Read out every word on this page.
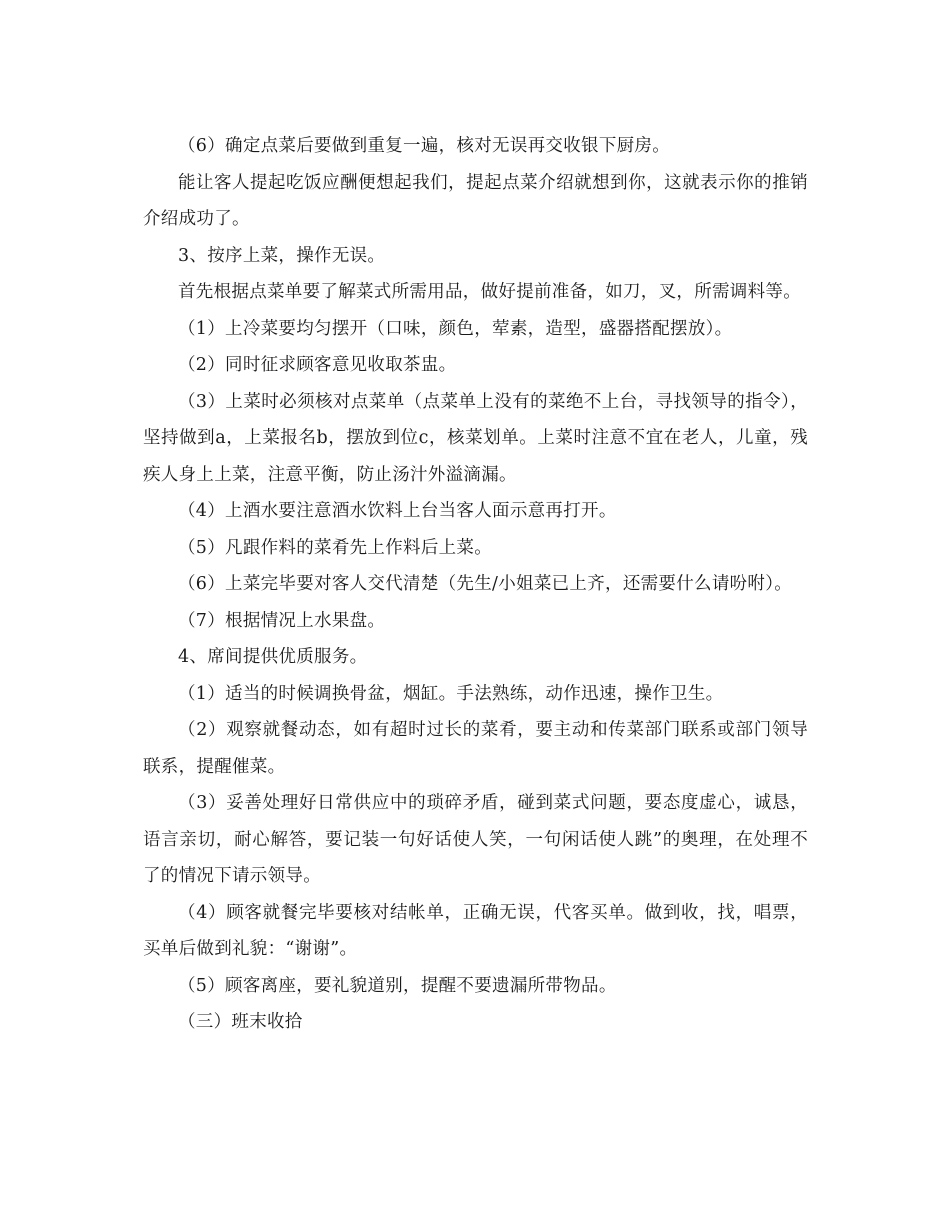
（6）确定点菜后要做到重复一遍，核对无误再交收银下厨房。

能让客人提起吃饭应酬便想起我们，提起点菜介绍就想到你，这就表示你的推销介绍成功了。

3、按序上菜，操作无误。

首先根据点菜单要了解菜式所需用品，做好提前准备，如刀，叉，所需调料等。

（1）上冷菜要均匀摆开（口味，颜色，荤素，造型，盛器搭配摆放）。

（2）同时征求顾客意见收取茶盅。

（3）上菜时必须核对点菜单（点菜单上没有的菜绝不上台，寻找领导的指令），坚持做到a，上菜报名b，摆放到位c，核菜划单。上菜时注意不宜在老人，儿童，残疾人身上上菜，注意平衡，防止汤汁外溢滴漏。

（4）上酒水要注意酒水饮料上台当客人面示意再打开。

（5）凡跟作料的菜肴先上作料后上菜。

（6）上菜完毕要对客人交代清楚（先生/小姐菜已上齐，还需要什么请吩咐）。

（7）根据情况上水果盘。

4、席间提供优质服务。

（1）适当的时候调换骨盆，烟缸。手法熟练，动作迅速，操作卫生。

（2）观察就餐动态，如有超时过长的菜肴，要主动和传菜部门联系或部门领导联系，提醒催菜。

（3）妥善处理好日常供应中的琐碎矛盾，碰到菜式问题，要态度虚心，诚恳，语言亲切，耐心解答，要记装一句好话使人笑，一句闲话使人跳”的奥理，在处理不了的情况下请示领导。

（4）顾客就餐完毕要核对结帐单，正确无误，代客买单。做到收，找，唱票，买单后做到礼貌：“谢谢”。

（5）顾客离座，要礼貌道别，提醒不要遗漏所带物品。

（三）班末收拾
